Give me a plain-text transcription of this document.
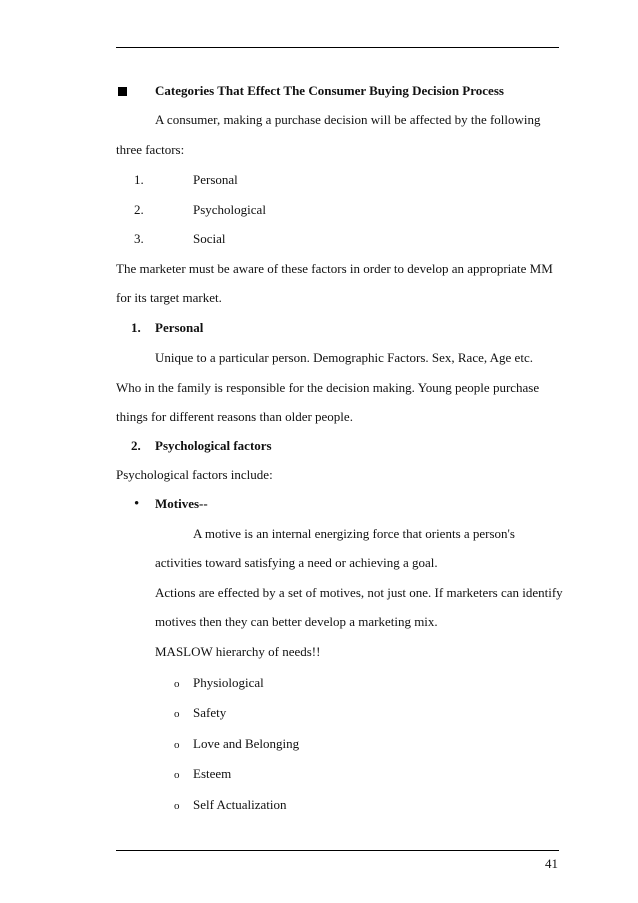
Categories That Effect The Consumer Buying Decision Process
A consumer, making a purchase decision will be affected by the following
three factors:
1.	Personal
2.	Psychological
3.	Social
The marketer must be aware of these factors in order to develop an appropriate MM
for its target market.
1. Personal
Unique to a particular person. Demographic Factors. Sex, Race, Age etc.
Who in the family is responsible for the decision making. Young people purchase
things for different reasons than older people.
2. Psychological factors
Psychological factors include:
• Motives--
A motive is an internal energizing force that orients a person's
activities toward satisfying a need or achieving a goal.
Actions are effected by a set of motives, not just one. If marketers can identify
motives then they can better develop a marketing mix.
MASLOW hierarchy of needs!!
o Physiological
o Safety
o Love and Belonging
o Esteem
o Self Actualization
41
